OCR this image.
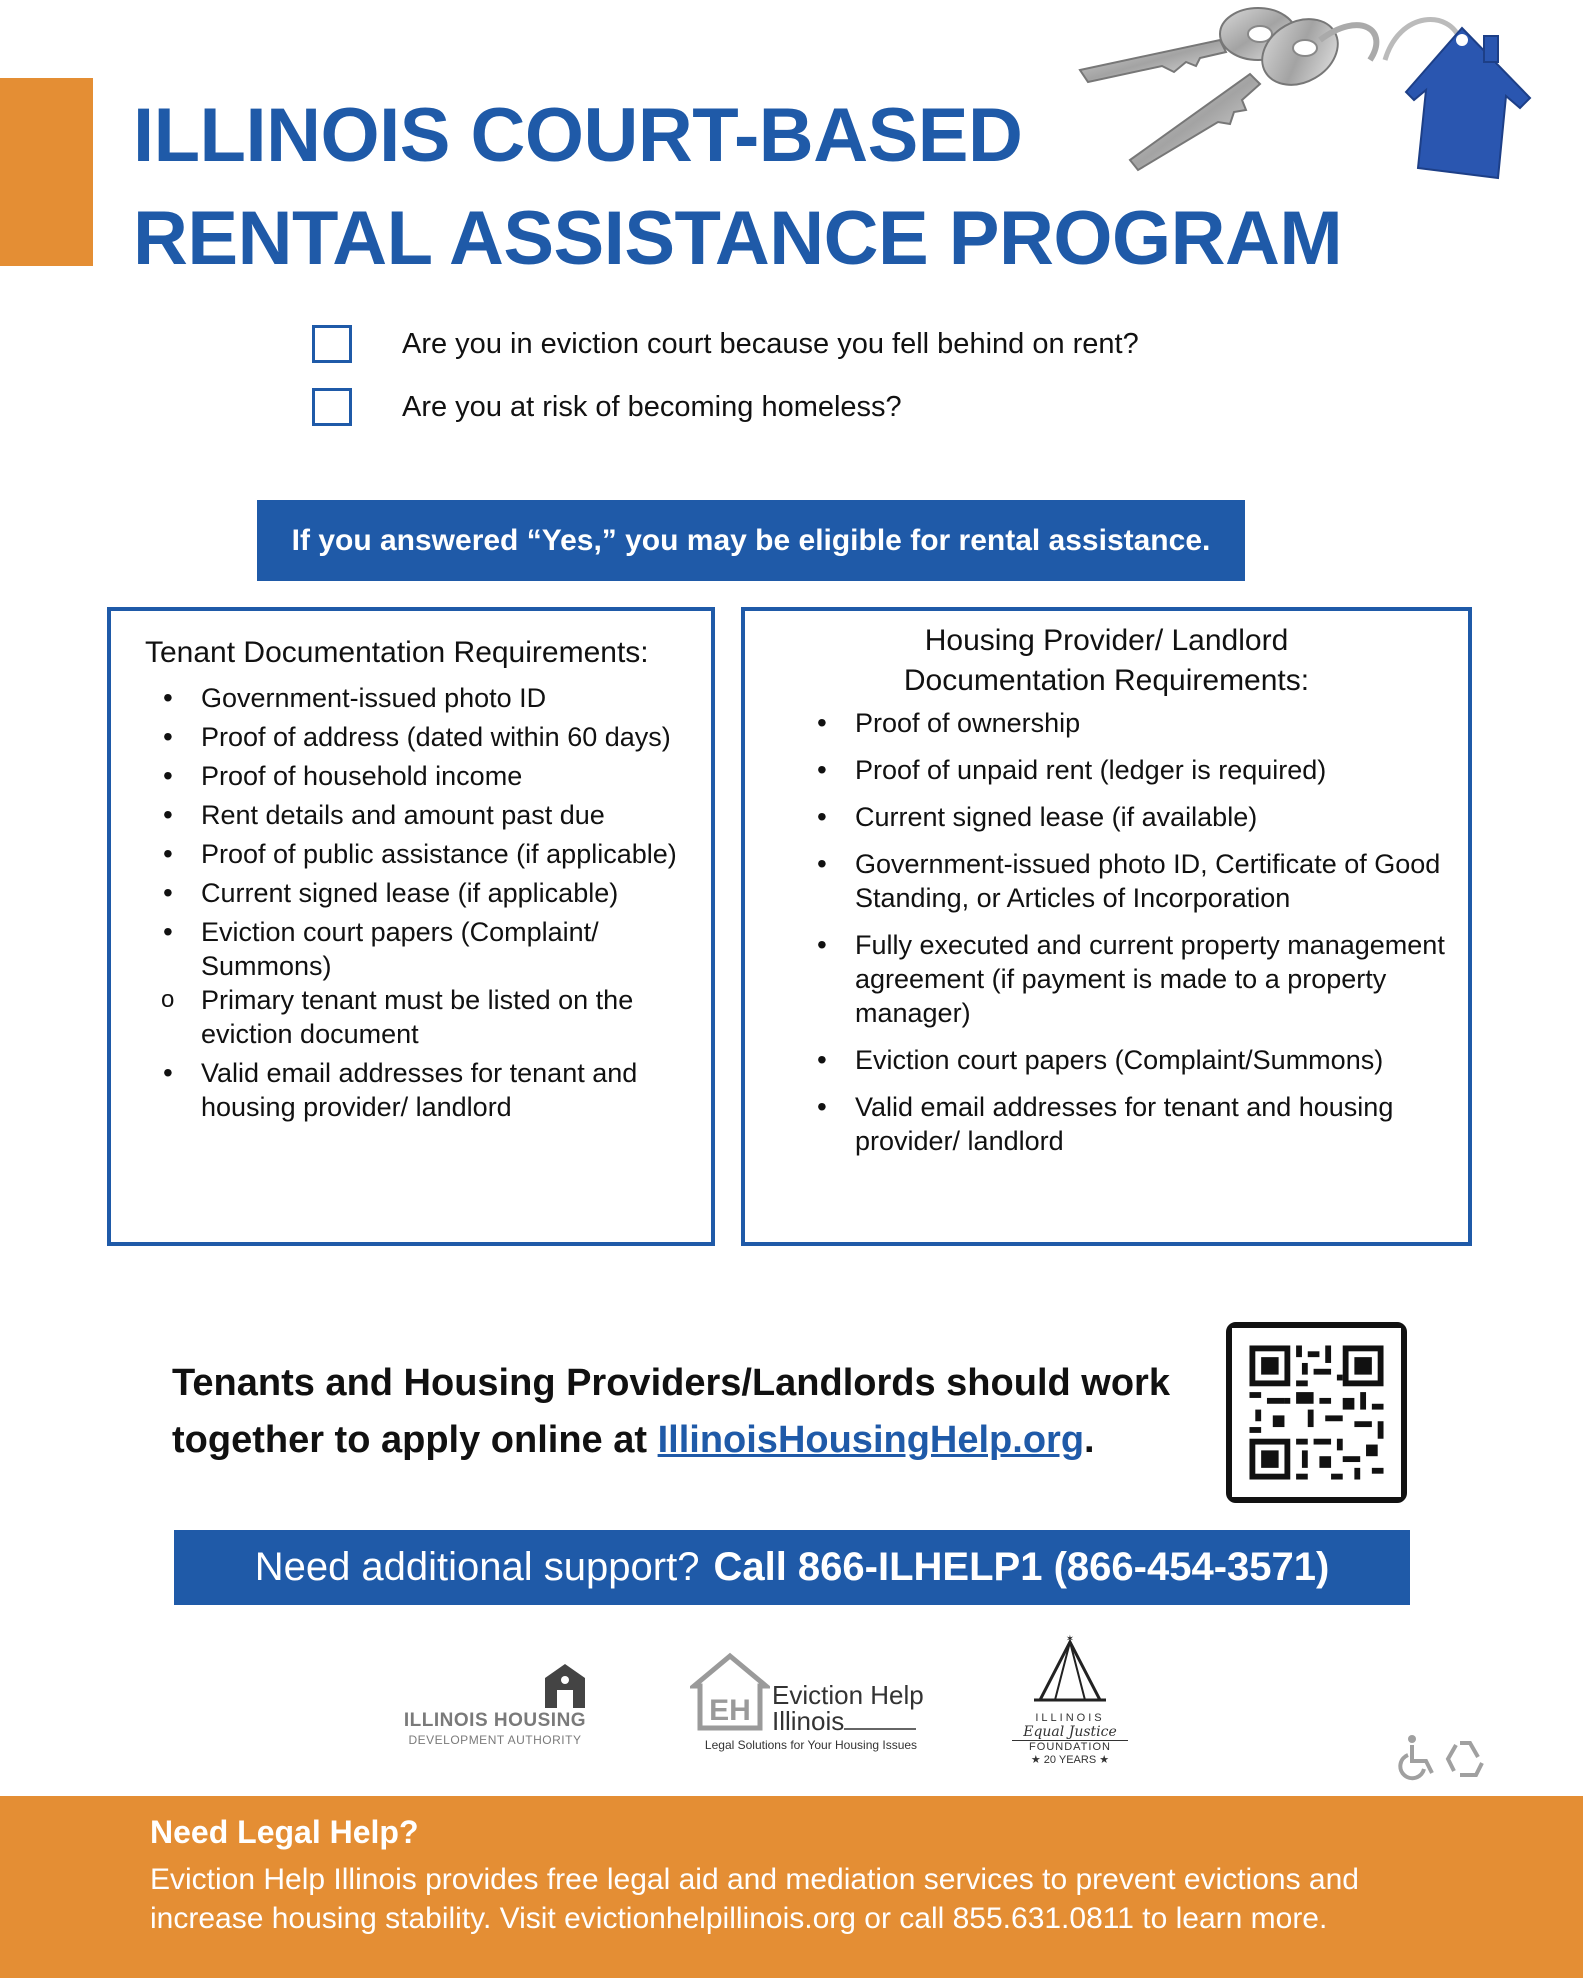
ILLINOIS COURT-BASED
RENTAL ASSISTANCE PROGRAM
Are you in eviction court because you fell behind on rent?
Are you at risk of becoming homeless?
If you answered “Yes,” you may be eligible for rental assistance.
Tenant Documentation Requirements:
• Government-issued photo ID
• Proof of address (dated within 60 days)
• Proof of household income
• Rent details and amount past due
• Proof of public assistance (if applicable)
• Current signed lease (if applicable)
• Eviction court papers (Complaint/ Summons)
o Primary tenant must be listed on the eviction document
• Valid email addresses for tenant and housing provider/ landlord
Housing Provider/ Landlord
Documentation Requirements:
• Proof of ownership
• Proof of unpaid rent (ledger is required)
• Current signed lease (if available)
• Government-issued photo ID, Certificate of Good Standing, or Articles of Incorporation
• Fully executed and current property management agreement (if payment is made to a property manager)
• Eviction court papers (Complaint/Summons)
• Valid email addresses for tenant and housing provider/ landlord
Tenants and Housing Providers/Landlords should work together to apply online at IllinoisHousingHelp.org.
Need additional support? Call 866-ILHELP1 (866-454-3571)
ILLINOIS HOUSING
DEVELOPMENT AUTHORITY
EH Eviction Help
Illinois
Legal Solutions for Your Housing Issues
✶
ILLINOIS
Equal Justice
FOUNDATION
★ 20 YEARS ★
Need Legal Help?
Eviction Help Illinois provides free legal aid and mediation services to prevent evictions and increase housing stability. Visit evictionhelpillinois.org or call 855.631.0811 to learn more.
